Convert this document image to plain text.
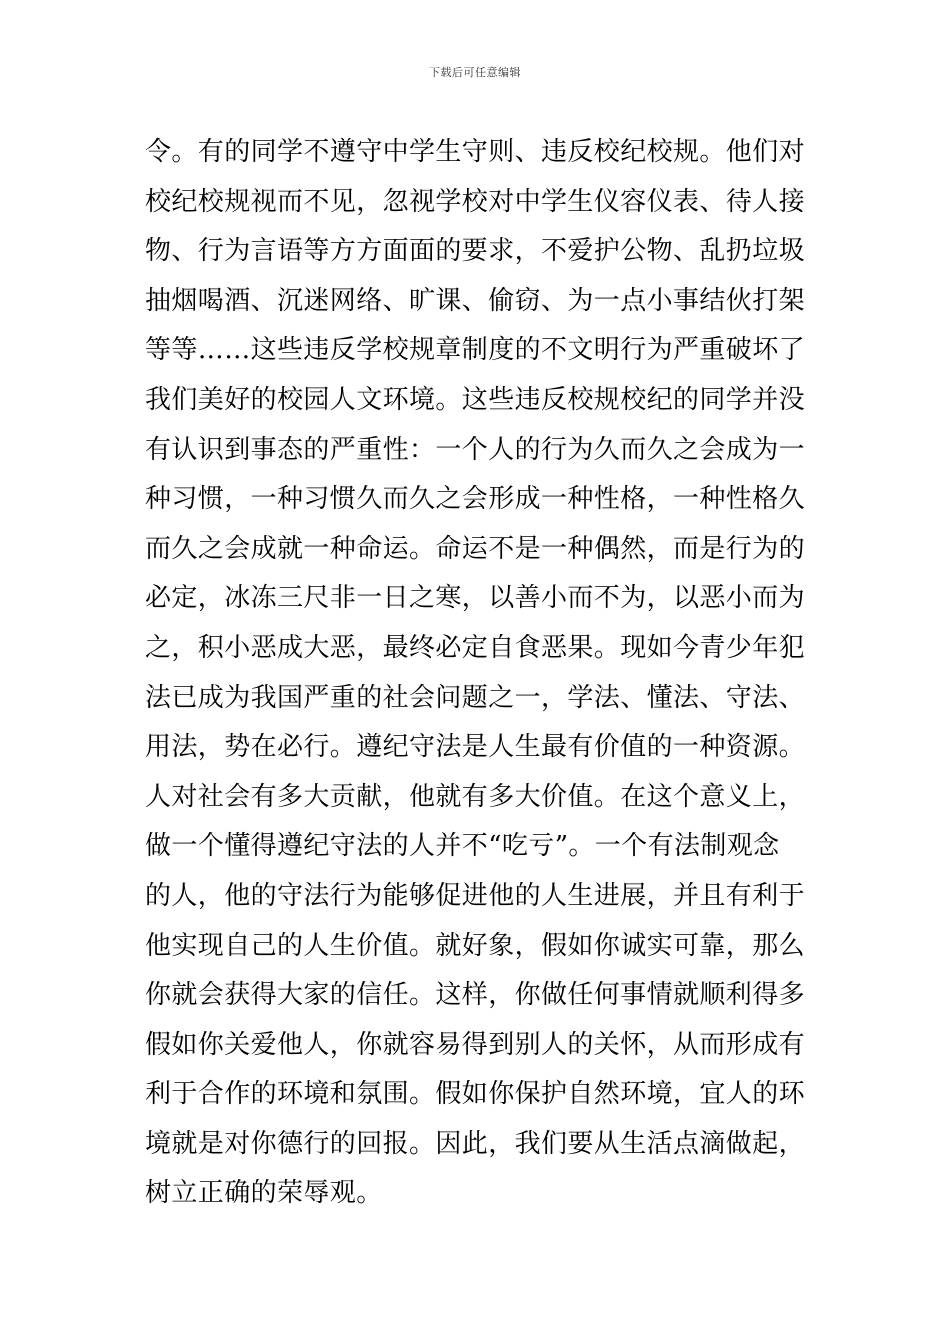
下载后可任意编辑
令。有的同学不遵守中学生守则、违反校纪校规。他们对
校纪校规视而不见，忽视学校对中学生仪容仪表、待人接
物、行为言语等方方面面的要求，不爱护公物、乱扔垃圾
抽烟喝酒、沉迷网络、旷课、偷窃、为一点小事结伙打架
等等……这些违反学校规章制度的不文明行为严重破坏了
我们美好的校园人文环境。这些违反校规校纪的同学并没
有认识到事态的严重性：一个人的行为久而久之会成为一
种习惯，一种习惯久而久之会形成一种性格，一种性格久
而久之会成就一种命运。命运不是一种偶然，而是行为的
必定，冰冻三尺非一日之寒，以善小而不为，以恶小而为
之，积小恶成大恶，最终必定自食恶果。现如今青少年犯
法已成为我国严重的社会问题之一，学法、懂法、守法、
用法，势在必行。遵纪守法是人生最有价值的一种资源。
人对社会有多大贡献，他就有多大价值。在这个意义上，
做一个懂得遵纪守法的人并不“吃亏”。一个有法制观念
的人，他的守法行为能够促进他的人生进展，并且有利于
他实现自己的人生价值。就好象，假如你诚实可靠，那么
你就会获得大家的信任。这样，你做任何事情就顺利得多
假如你关爱他人，你就容易得到别人的关怀，从而形成有
利于合作的环境和氛围。假如你保护自然环境，宜人的环
境就是对你德行的回报。因此，我们要从生活点滴做起，
树立正确的荣辱观。
